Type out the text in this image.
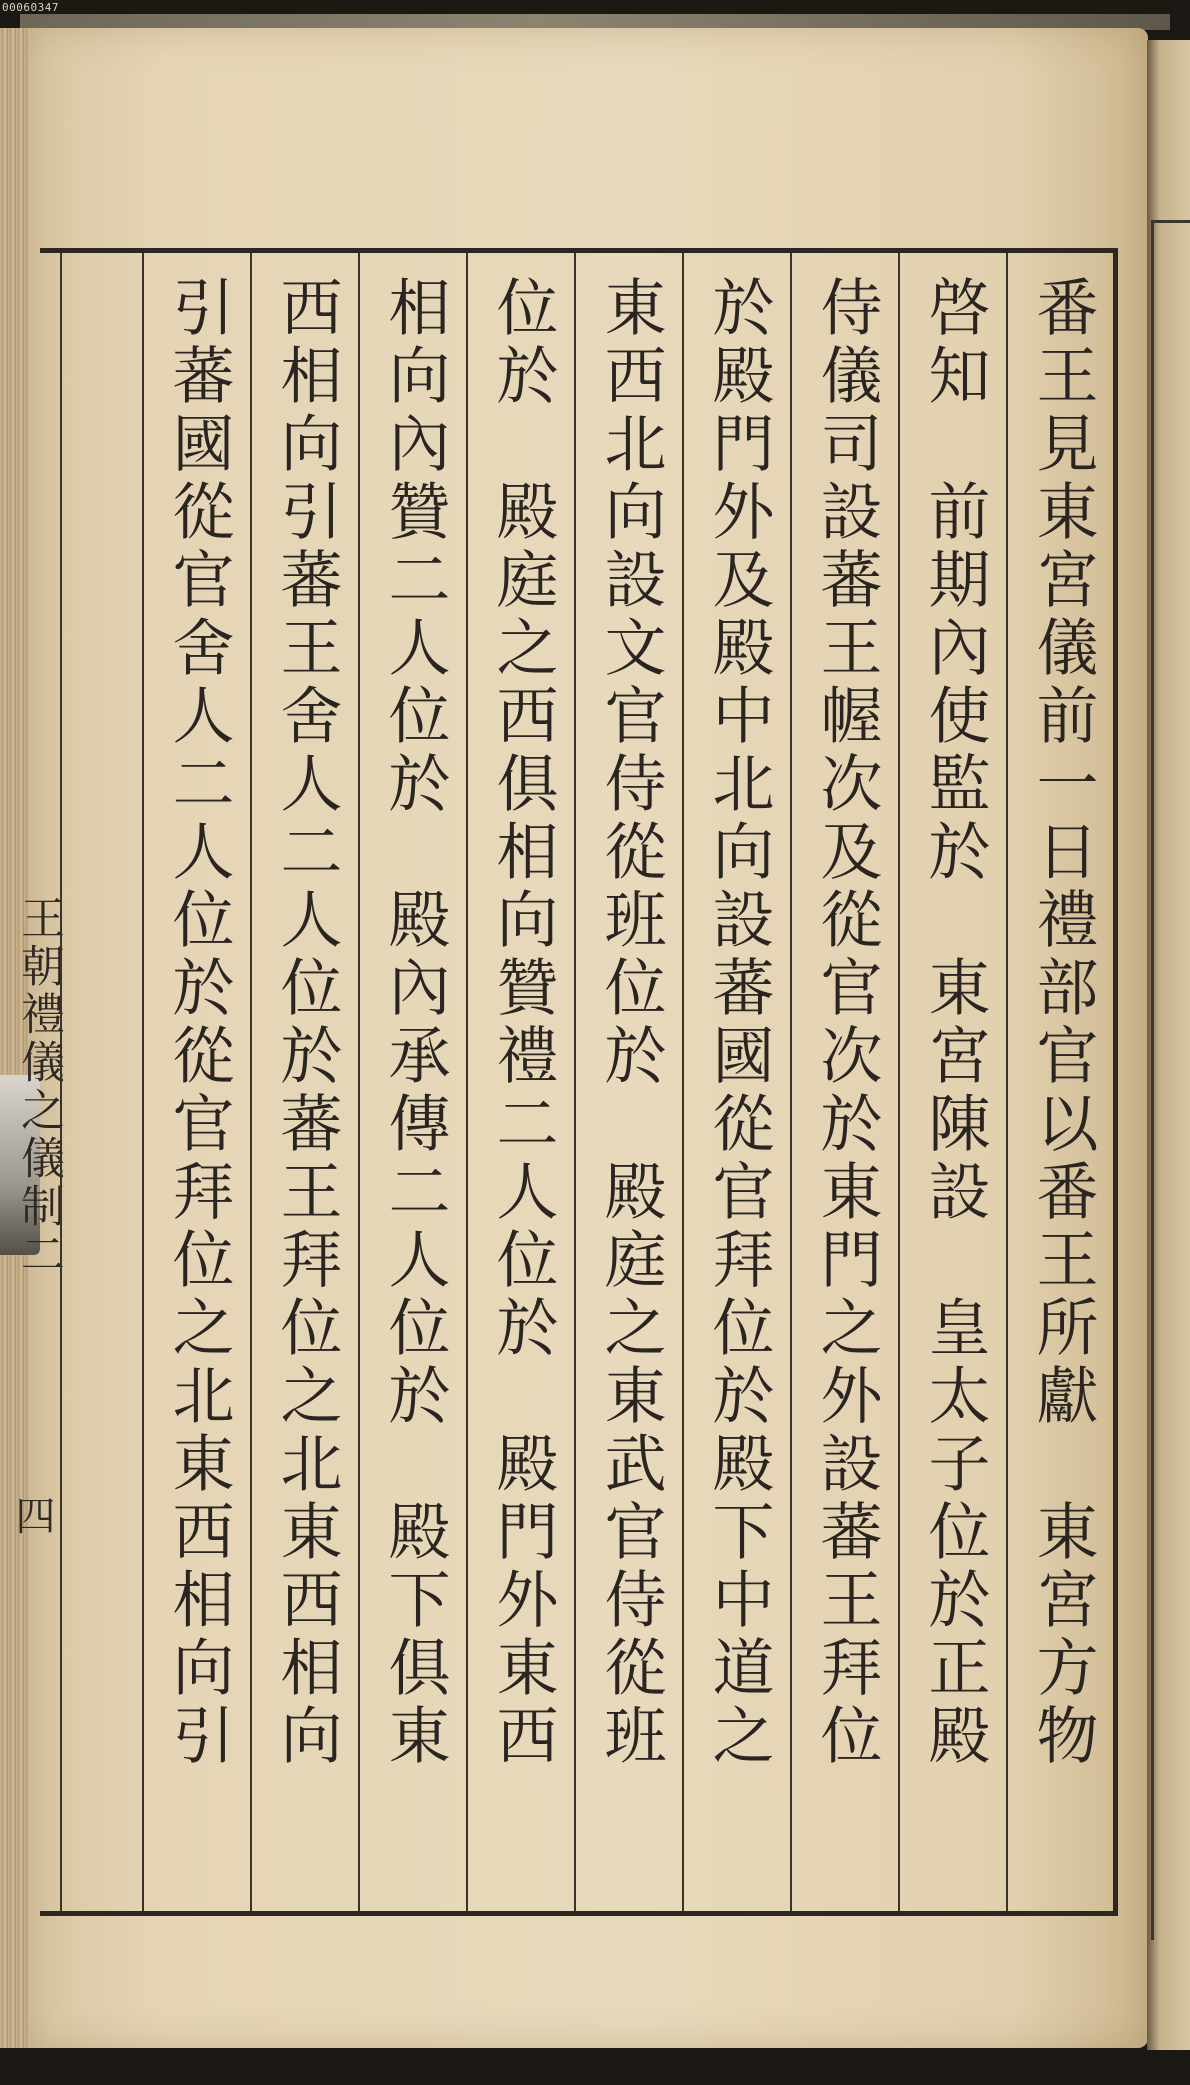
00060347

王朝禮儀之儀制二
四	番王見東宮儀前一日禮部官以番王所獻　東宮方物
啓知　前期內使監於　東宮陳設　皇太子位於正殿
侍儀司設蕃王幄次及從官次於東門之外設蕃王拜位
於殿門外及殿中北向設蕃國從官拜位於殿下中道之
東西北向設文官侍從班位於　殿庭之東武官侍從班
位於　殿庭之西俱相向贊禮二人位於　殿門外東西
相向內贊二人位於　殿內承傳二人位於　殿下俱東
西相向引蕃王舍人二人位於蕃王拜位之北東西相向
引蕃國從官舍人二人位於從官拜位之北東西相向引
